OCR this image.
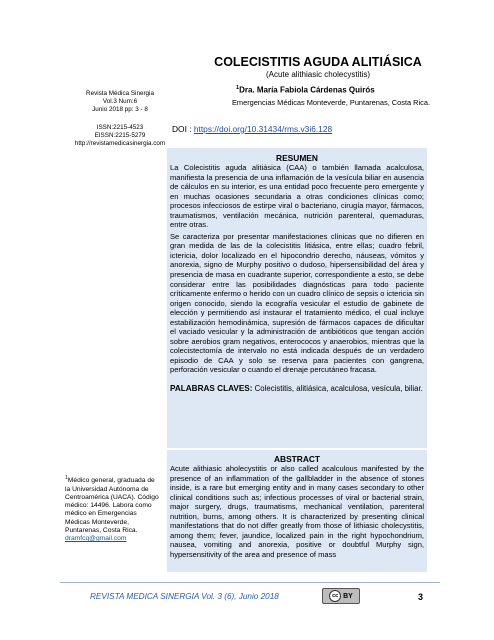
COLECISTITIS AGUDA ALITIÁSICA
(Acute alithiasic cholecystitis)
$^1$Dra. María Fabiola Cárdenas Quirós
Emergencias Médicas Monteverde, Puntarenas, Costa Rica.
Revista Médica Sinergia
Vol.3 Num:6
Junio 2018 pp: 3 - 8
ISSN:2215-4523
EISSN:2215-5279
http://revistamedicasinergia.com
DOI : https://doi.org/10.31434/rms.v3i6.128

RESUMEN

La Colecistitis aguda alitiásica (CAA) o también llamada acalculosa, manifiesta la presencia de una inflamación de la vesícula biliar en ausencia de cálculos en su interior, es una entidad poco frecuente pero emergente y en muchas ocasiones secundaria a otras condiciones clínicas como; procesos infecciosos de estirpe viral o bacteriano, cirugía mayor, fármacos, traumatismos, ventilación mecánica, nutrición parenteral, quemaduras, entre otras.

Se caracteriza por presentar manifestaciones clínicas que no difieren en gran medida de las de la colecistitis litiásica, entre ellas; cuadro febril, ictericia, dolor localizado en el hipocondrio derecho, náuseas, vómitos y anorexia, signo de Murphy positivo o dudoso, hipersensibilidad del área y presencia de masa en cuadrante superior, correspondiente a esto, se debe considerar entre las posibilidades diagnósticas para todo paciente críticamente enfermo o herido con un cuadro clínico de sepsis o ictericia sin origen conocido, siendo la ecografía vesicular el estudio de gabinete de elección y permitiendo así instaurar el tratamiento médico, el cual incluye estabilización hemodinámica, supresión de fármacos capaces de dificultar el vaciado vesicular y la administración de antibióticos que tengan acción sobre aerobios gram negativos, enterococos y anaerobios, mientras que la colecistectomía de intervalo no está indicada después de un verdadero episodio de CAA y solo se reserva para pacientes con gangrena, perforación vesicular o cuando el drenaje percutáneo fracasa.

PALABRAS CLAVES: Colecistitis, alitiásica, acalculosa, vesícula, biliar.

ABSTRACT

Acute alithiasic aholecystitis or also called acalculous manifested by the presence of an inflammation of the gallbladder in the absence of stones inside, is a rare but emerging entity and in many cases secondary to other clinical conditions such as; infectious processes of viral or bacterial strain, major surgery, drugs, traumatisms, mechanical ventilation, parenteral nutrition, burns, among others. It is characterized by presenting clinical manifestations that do not differ greatly from those of lithiasic cholecystitis, among them; fever, jaundice, localized pain in the right hypochondrium, nausea, vomiting and anorexia, positive or doubtful Murphy sign, hypersensitivity of the area and presence of mass

$^1$Médico general, graduada de la Universidad Autónoma de Centroamérica (UACA). Código médico: 14496. Labora como médico en Emergencias Médicas Monteverde, Puntarenas, Costa Rica.
dramfcq@gmail.com
REVISTA MEDICA SINERGIA Vol. 3 (6), Junio 2018	cc BY	3
